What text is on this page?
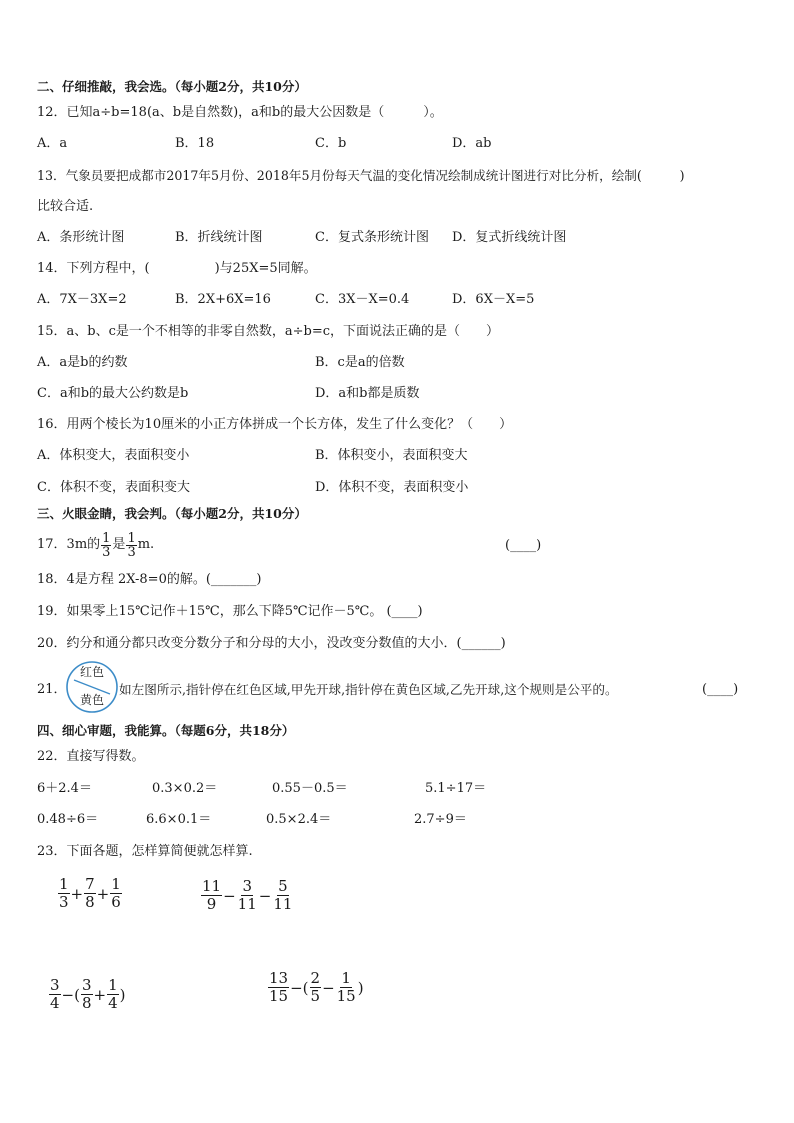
二、仔细推敲，我会选。（每小题2分，共10分）
12．已知a÷b=18(a、b是自然数)，a和b的最大公因数是（　　　）。
A．a	B．18	C．b	D．ab
13．气象员要把成都市2017年5月份、2018年5月份每天气温的变化情况绘制成统计图进行对比分析，绘制(　　　)
比较合适.
A．条形统计图	B．折线统计图	C．复式条形统计图 D．复式折线统计图
14．下列方程中，(　　　　　)与25X=5同解。
A．7X－3X=2	B．2X+6X=16	C．3X－X=0.4	D．6X－X=5
15．a、b、c是一个不相等的非零自然数，a÷b=c，下面说法正确的是（　　）
A．a是b的约数	B．c是a的倍数
C．a和b的最大公约数是b	D．a和b都是质数
16．用两个棱长为10厘米的小正方体拼成一个长方体，发生了什么变化？（　　）
A．体积变大，表面积变小	B．体积变小，表面积变大
C．体积不变，表面积变大	D．体积不变，表面积变小
三、火眼金睛，我会判。（每小题2分，共10分）
17．3m的 $\frac{1}{3}$ 是 $\frac{1}{3} m$.	(____)
18．4是方程 2X-8=0的解。(_______)
19．如果零上15℃记作＋15℃，那么下降5℃记作－5℃。 (____)
20．约分和通分都只改变分数分子和分母的大小，没改变分数值的大小．(______)
21．
红色
黄色
如左图所示,指针停在红色区域,甲先开球,指针停在黄色区域,乙先开球,这个规则是公平的。	(____)
四、细心审题，我能算。（每题6分，共18分）
22．直接写得数。
6＋2.4＝	0.3×0.2＝	0.55－0.5＝	5.1÷17＝
0.48÷6＝	6.6×0.1＝	0.5×2.4＝	2.7÷9＝
23．下面各题，怎样算简便就怎样算.
$\frac{1}{3} + \frac{7}{8} + \frac{1}{6}$	$\frac{11}{9} - \frac{3}{11} - \frac{5}{11}$
$\frac{3}{4}$ −( $\frac{3}{8} + \frac{1}{4}$ )	$\frac{13}{15}$ −( $\frac{2}{5} - \frac{1}{15}$ )
